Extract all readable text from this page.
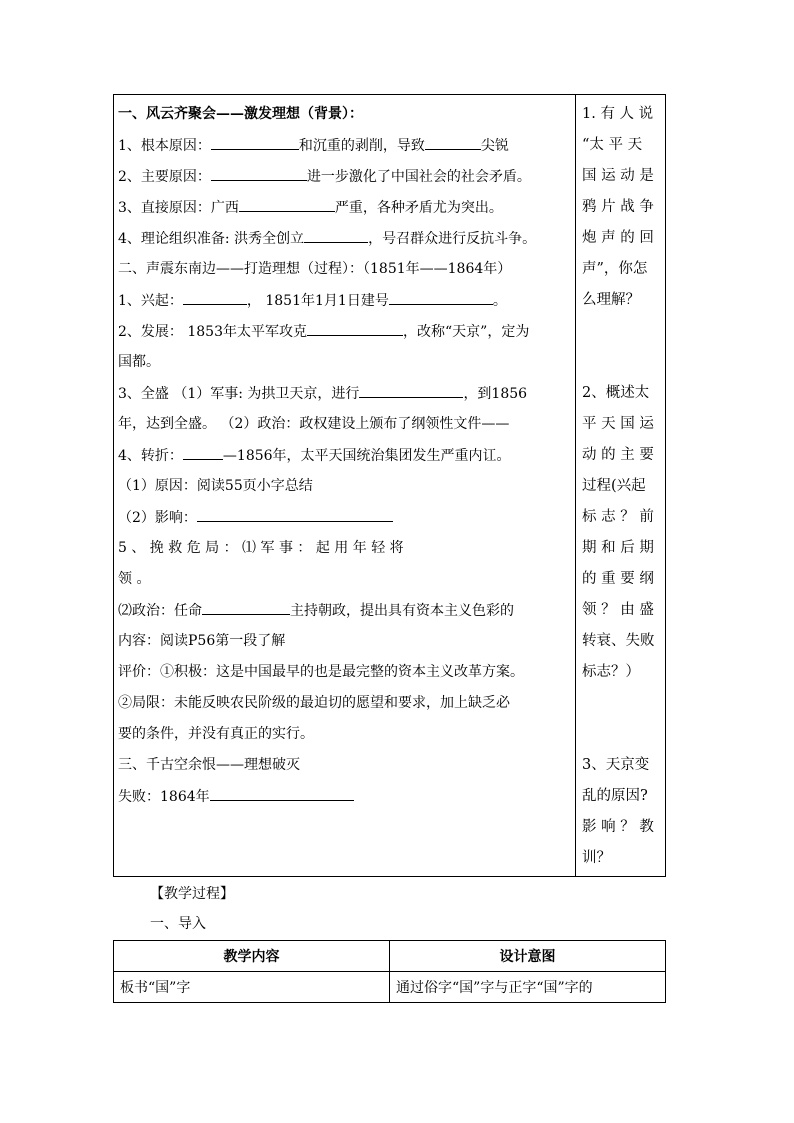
一、风云齐聚会——激发理想（背景）：
1、根本原因：	和沉重的剥削，导致	尖锐
2、主要原因：	进一步激化了中国社会的社会矛盾。
3、直接原因：广西	严重，各种矛盾尤为突出。
4、理论组织准备: 洪秀全创立	，号召群众进行反抗斗争。
二、声震东南边——打造理想（过程）：（1851年——1864年）
1、兴起：	， 1851年1月1日建号	。
2、发展： 1853年太平军攻克	，改称“天京”，定为
国都。
3、全盛 （1）军事: 为拱卫天京，进行	，到1856
年，达到全盛。 （2）政治：政权建设上颁布了纲领性文件——
4、转折：	—1856年，太平天国统治集团发生严重内讧。
（1）原因：阅读55页小字总结
（2）影响：
5 、 挽 救 危 局 ： ⑴ 军 事 ： 起 用 年 轻 将
领 。
⑵政治：任命	主持朝政，提出具有资本主义色彩的
内容：阅读P56第一段了解
评价：①积极：这是中国最早的也是最完整的资本主义改革方案。
②局限：未能反映农民阶级的最迫切的愿望和要求，加上缺乏必
要的条件，并没有真正的实行。
三、千古空余恨——理想破灭
失败：1864年
1. 有 人 说
“太 平 天
国 运 动 是
鸦 片 战 争
炮 声 的 回
声”，你怎
么理解？
2、概述太
平 天 国 运
动 的 主 要
过程(兴起
标 志 ？ 前
期 和 后 期
的 重 要 纲
领 ？ 由 盛
转衰、失败
标志？）
3、天京变
乱的原因?
影 响 ？ 教
训？
【教学过程】
一、导入
教学内容	设计意图
板书“国”字	通过俗字“国”字与正字“国”字的
